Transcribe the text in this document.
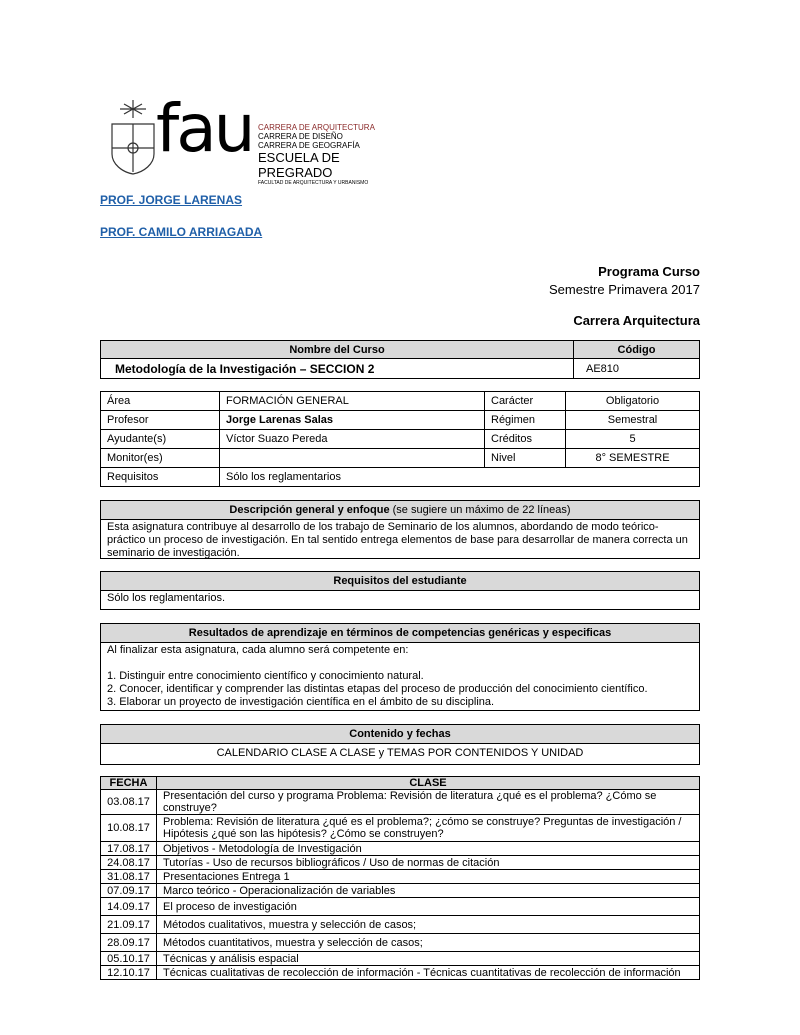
fau CARRERA DE ARQUITECTURA
CARRERA DE DISEÑO
CARRERA DE GEOGRAFÍA
ESCUELA DE PREGRADO
FACULTAD DE ARQUITECTURA Y URBANISMO
PROF. JORGE LARENAS
PROF. CAMILO ARRIAGADA
Programa Curso
Semestre Primavera 2017
Carrera Arquitectura
Nombre del Curso	Código
Metodología de la Investigación – SECCION 2	AE810
Área	FORMACIÓN GENERAL	Carácter	Obligatorio
Profesor	Jorge Larenas Salas	Régimen	Semestral
Ayudante(s)	Víctor Suazo Pereda	Créditos	5
Monitor(es)		Nivel	8° SEMESTRE
Requisitos	Sólo los reglamentarios		
Descripción general y enfoque (se sugiere un máximo de 22 líneas)
Esta asignatura contribuye al desarrollo de los trabajo de Seminario de los alumnos, abordando de modo teórico-práctico un proceso de investigación. En tal sentido entrega elementos de base para desarrollar de manera correcta un seminario de investigación.
Requisitos del estudiante
Sólo los reglamentarios.
Resultados de aprendizaje en términos de competencias genéricas y especificas
Al finalizar esta asignatura, cada alumno será competente en:
1. Distinguir entre conocimiento científico y conocimiento natural.
2. Conocer, identificar y comprender las distintas etapas del proceso de producción del conocimiento científico.
3. Elaborar un proyecto de investigación científica en el ámbito de su disciplina.
Contenido y fechas
CALENDARIO CLASE A CLASE y TEMAS POR CONTENIDOS Y UNIDAD
FECHA	CLASE
03.08.17	Presentación del curso y programa Problema: Revisión de literatura ¿qué es el problema? ¿Cómo se construye?
10.08.17	Problema: Revisión de literatura ¿qué es el problema?; ¿cómo se construye? Preguntas de investigación / Hipótesis ¿qué son las hipótesis? ¿Cómo se construyen?
17.08.17	Objetivos - Metodología de Investigación
24.08.17	Tutorías - Uso de recursos bibliográficos / Uso de normas de citación
31.08.17	Presentaciones Entrega 1
07.09.17	Marco teórico - Operacionalización de variables
14.09.17	El proceso de investigación
21.09.17	Métodos cualitativos, muestra y selección de casos;
28.09.17	Métodos cuantitativos, muestra y selección de casos;
05.10.17	Técnicas y análisis espacial
12.10.17	Técnicas cualitativas de recolección de información - Técnicas cuantitativas de recolección de información
